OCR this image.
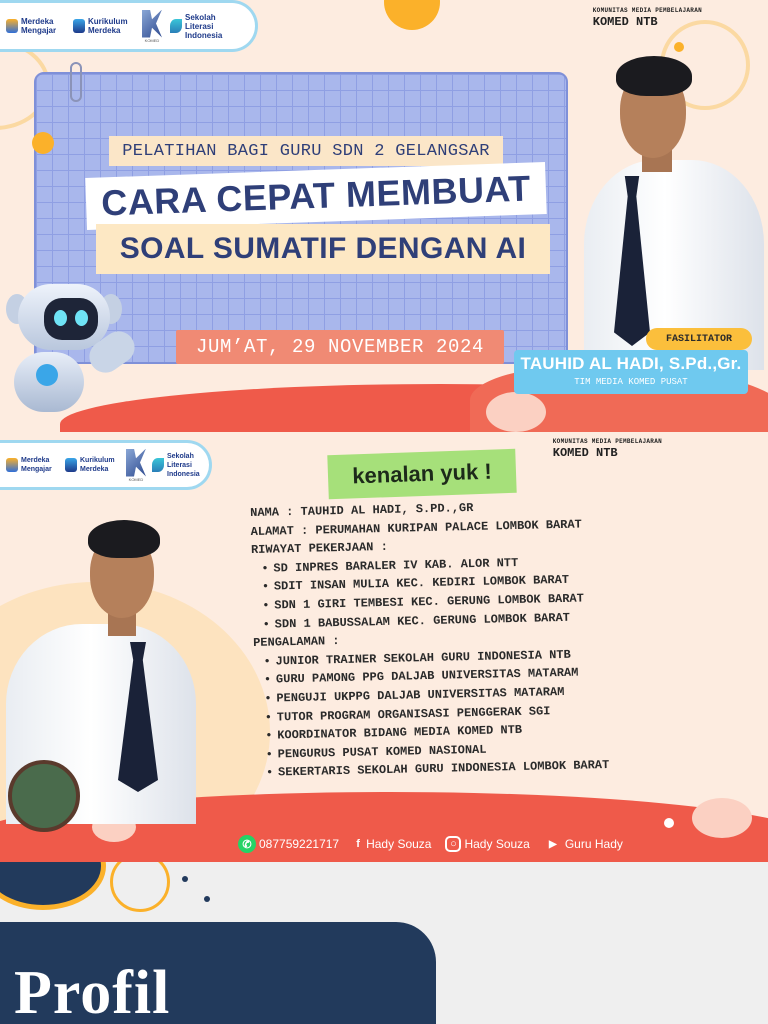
Merdeka Mengajar
Kurikulum Merdeka
KOMED
Sekolah Literasi Indonesia
KOMUNITAS MEDIA PEMBELAJARAN
KOMED NTB
PELATIHAN BAGI GURU SDN 2 GELANGSAR
CARA CEPAT MEMBUAT
SOAL SUMATIF DENGAN AI
JUM’AT, 29 NOVEMBER 2024	FASILITATOR
TAUHID AL HADI, S.Pd.,Gr.
TIM MEDIA KOMED PUSAT
Merdeka Mengajar
Kurikulum Merdeka
KOMED
Sekolah Literasi Indonesia
KOMUNITAS MEDIA PEMBELAJARAN
KOMED NTB
kenalan yuk !
NAMA : TAUHID AL HADI, S.PD.,GR
ALAMAT : PERUMAHAN KURIPAN PALACE LOMBOK BARAT
RIWAYAT PEKERJAAN :
• SD INPRES BARALER IV KAB. ALOR NTT
• SDIT INSAN MULIA KEC. KEDIRI LOMBOK BARAT
• SDN 1 GIRI TEMBESI KEC. GERUNG LOMBOK BARAT
• SDN 1 BABUSSALAM KEC. GERUNG LOMBOK BARAT
PENGALAMAN :
• JUNIOR TRAINER SEKOLAH GURU INDONESIA NTB
• GURU PAMONG PPG DALJAB UNIVERSITAS MATARAM
• PENGUJI UKPPG DALJAB UNIVERSITAS MATARAM
• TUTOR PROGRAM ORGANISASI PENGGERAK SGI
• KOORDINATOR BIDANG MEDIA KOMED NTB
• PENGURUS PUSAT KOMED NASIONAL
• SEKERTARIS SEKOLAH GURU INDONESIA LOMBOK BARAT
✆ 087759221717 f Hady Souza	○ Hady Souza	▶ Guru Hady
Profil
